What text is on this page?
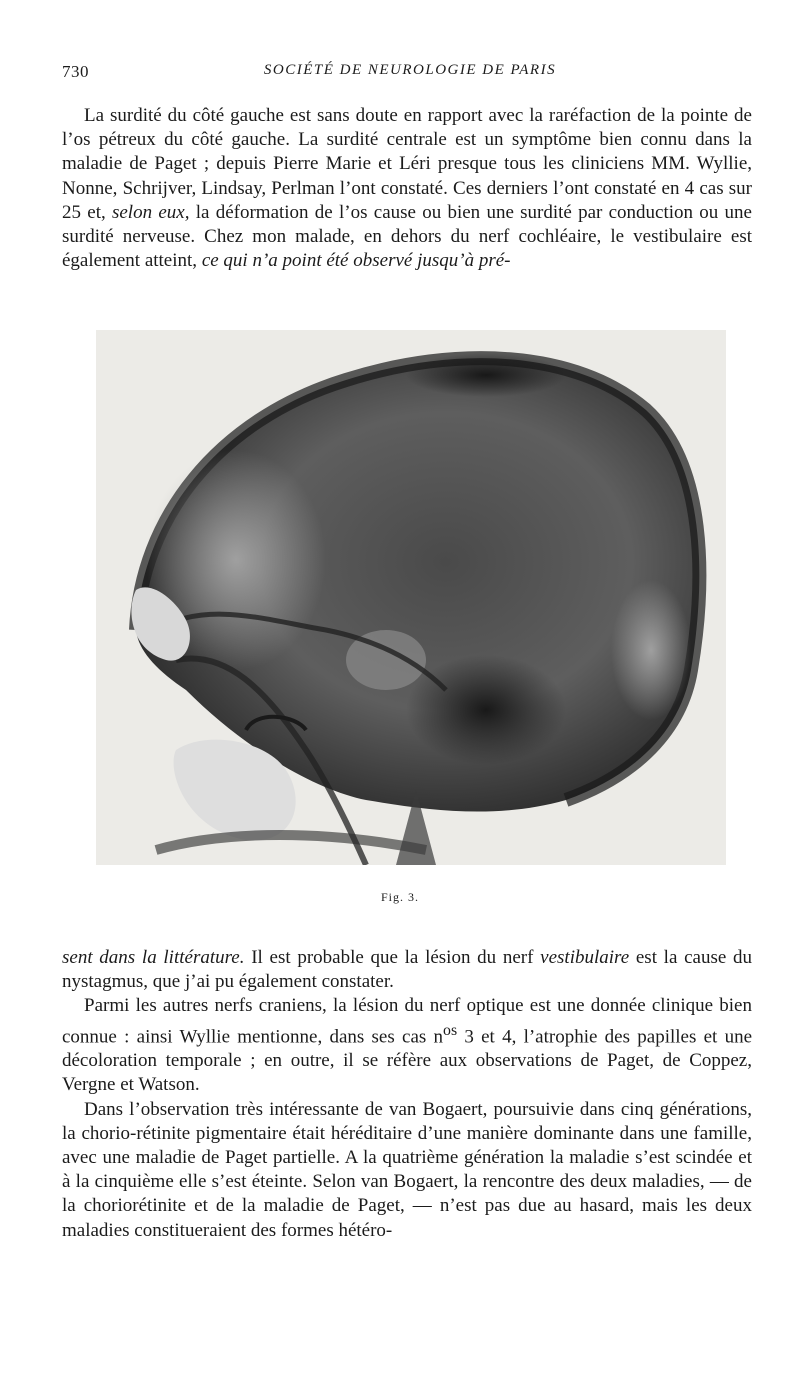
730	SOCIÉTÉ DE NEUROLOGIE DE PARIS

La surdité du côté gauche est sans doute en rapport avec la raréfaction de la pointe de l’os pétreux du côté gauche. La surdité centrale est un symptôme bien connu dans la maladie de Paget ; depuis Pierre Marie et Léri presque tous les cliniciens MM. Wyllie, Nonne, Schrijver, Lindsay, Perlman l’ont constaté. Ces derniers l’ont constaté en 4 cas sur 25 et, selon eux, la déformation de l’os cause ou bien une surdité par conduction ou une surdité nerveuse. Chez mon malade, en dehors du nerf cochléaire, le vestibulaire est également atteint, ce qui n’a point été observé jusqu’à pré-

Fig. 3.

sent dans la littérature. Il est probable que la lésion du nerf vestibulaire est la cause du nystagmus, que j’ai pu également constater.

Parmi les autres nerfs craniens, la lésion du nerf optique est une donnée clinique bien connue : ainsi Wyllie mentionne, dans ses cas $n^{os}$ 3 et 4, l’atrophie des papilles et une décoloration temporale ; en outre, il se réfère aux observations de Paget, de Coppez, Vergne et Watson.

Dans l’observation très intéressante de van Bogaert, poursuivie dans cinq générations, la chorio-rétinite pigmentaire était héréditaire d’une manière dominante dans une famille, avec une maladie de Paget partielle. A la quatrième génération la maladie s’est scindée et à la cinquième elle s’est éteinte. Selon van Bogaert, la rencontre des deux maladies, — de la choriorétinite et de la maladie de Paget, — n’est pas due au hasard, mais les deux maladies constitueraient des formes hétéro-
